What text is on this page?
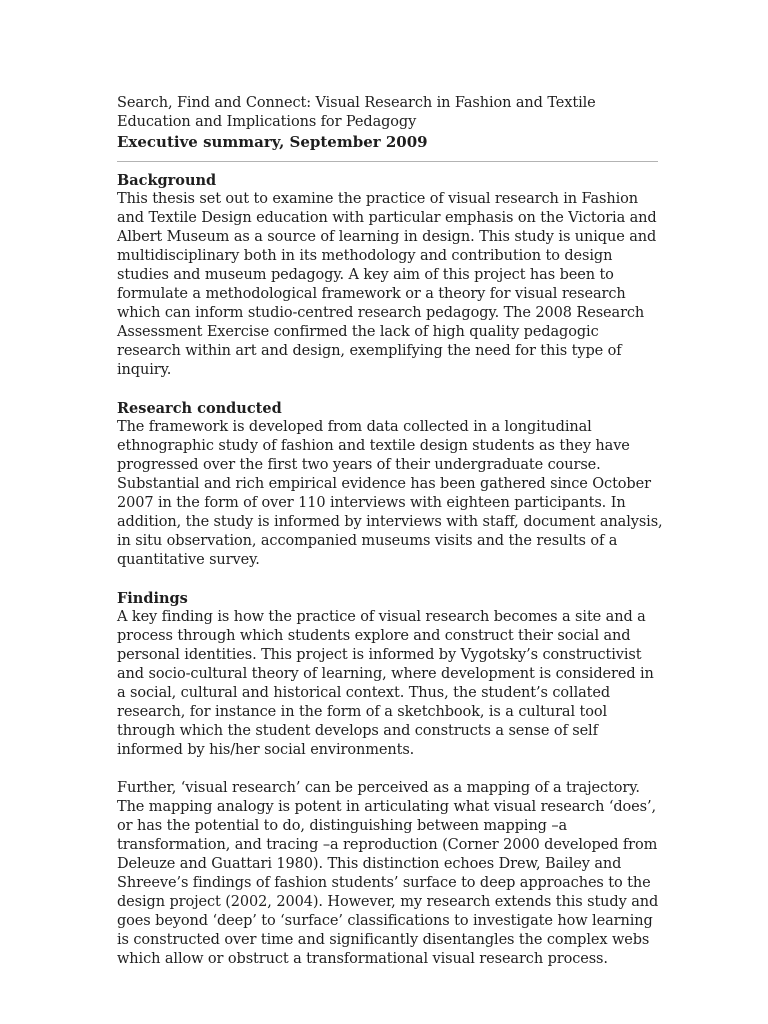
Search, Find and Connect: Visual Research in Fashion and Textile
Education and Implications for Pedagogy

Executive summary, September 2009

Background

This thesis set out to examine the practice of visual research in Fashion and Textile Design education with particular emphasis on the Victoria and Albert Museum as a source of learning in design. This study is unique and multidisciplinary both in its methodology and contribution to design studies and museum pedagogy. A key aim of this project has been to formulate a methodological framework or a theory for visual research which can inform studio-centred research pedagogy. The 2008 Research Assessment Exercise confirmed the lack of high quality pedagogic research within art and design, exemplifying the need for this type of inquiry.

Research conducted

The framework is developed from data collected in a longitudinal ethnographic study of fashion and textile design students as they have progressed over the first two years of their undergraduate course. Substantial and rich empirical evidence has been gathered since October 2007 in the form of over 110 interviews with eighteen participants. In addition, the study is informed by interviews with staff, document analysis, in situ observation, accompanied museums visits and the results of a quantitative survey.

Findings

A key finding is how the practice of visual research becomes a site and a process through which students explore and construct their social and personal identities. This project is informed by Vygotsky’s constructivist and socio-cultural theory of learning, where development is considered in a social, cultural and historical context. Thus, the student’s collated research, for instance in the form of a sketchbook, is a cultural tool through which the student develops and constructs a sense of self informed by his/her social environments.

Further, ‘visual research’ can be perceived as a mapping of a trajectory. The mapping analogy is potent in articulating what visual research ‘does’, or has the potential to do, distinguishing between mapping –a transformation, and tracing –a reproduction (Corner 2000 developed from Deleuze and Guattari 1980). This distinction echoes Drew, Bailey and Shreeve’s findings of fashion students’ surface to deep approaches to the design project (2002, 2004). However, my research extends this study and goes beyond ‘deep’ to ‘surface’ classifications to investigate how learning is constructed over time and significantly disentangles the complex webs which allow or obstruct a transformational visual research process.
